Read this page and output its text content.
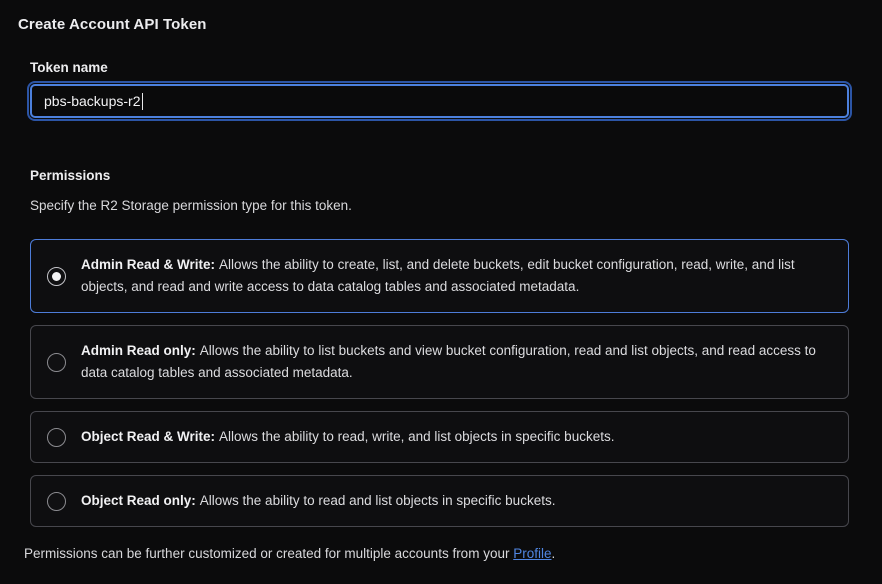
Create Account API Token
Token name
pbs-backups-r2
Permissions
Specify the R2 Storage permission type for this token.

Admin Read & Write: Allows the ability to create, list, and delete buckets, edit bucket configuration, read, write, and list objects, and read and write access to data catalog tables and associated metadata.

Admin Read only: Allows the ability to list buckets and view bucket configuration, read and list objects, and read access to data catalog tables and associated metadata.

Object Read & Write: Allows the ability to read, write, and list objects in specific buckets.

Object Read only: Allows the ability to read and list objects in specific buckets.

Permissions can be further customized or created for multiple accounts from your Profile.
